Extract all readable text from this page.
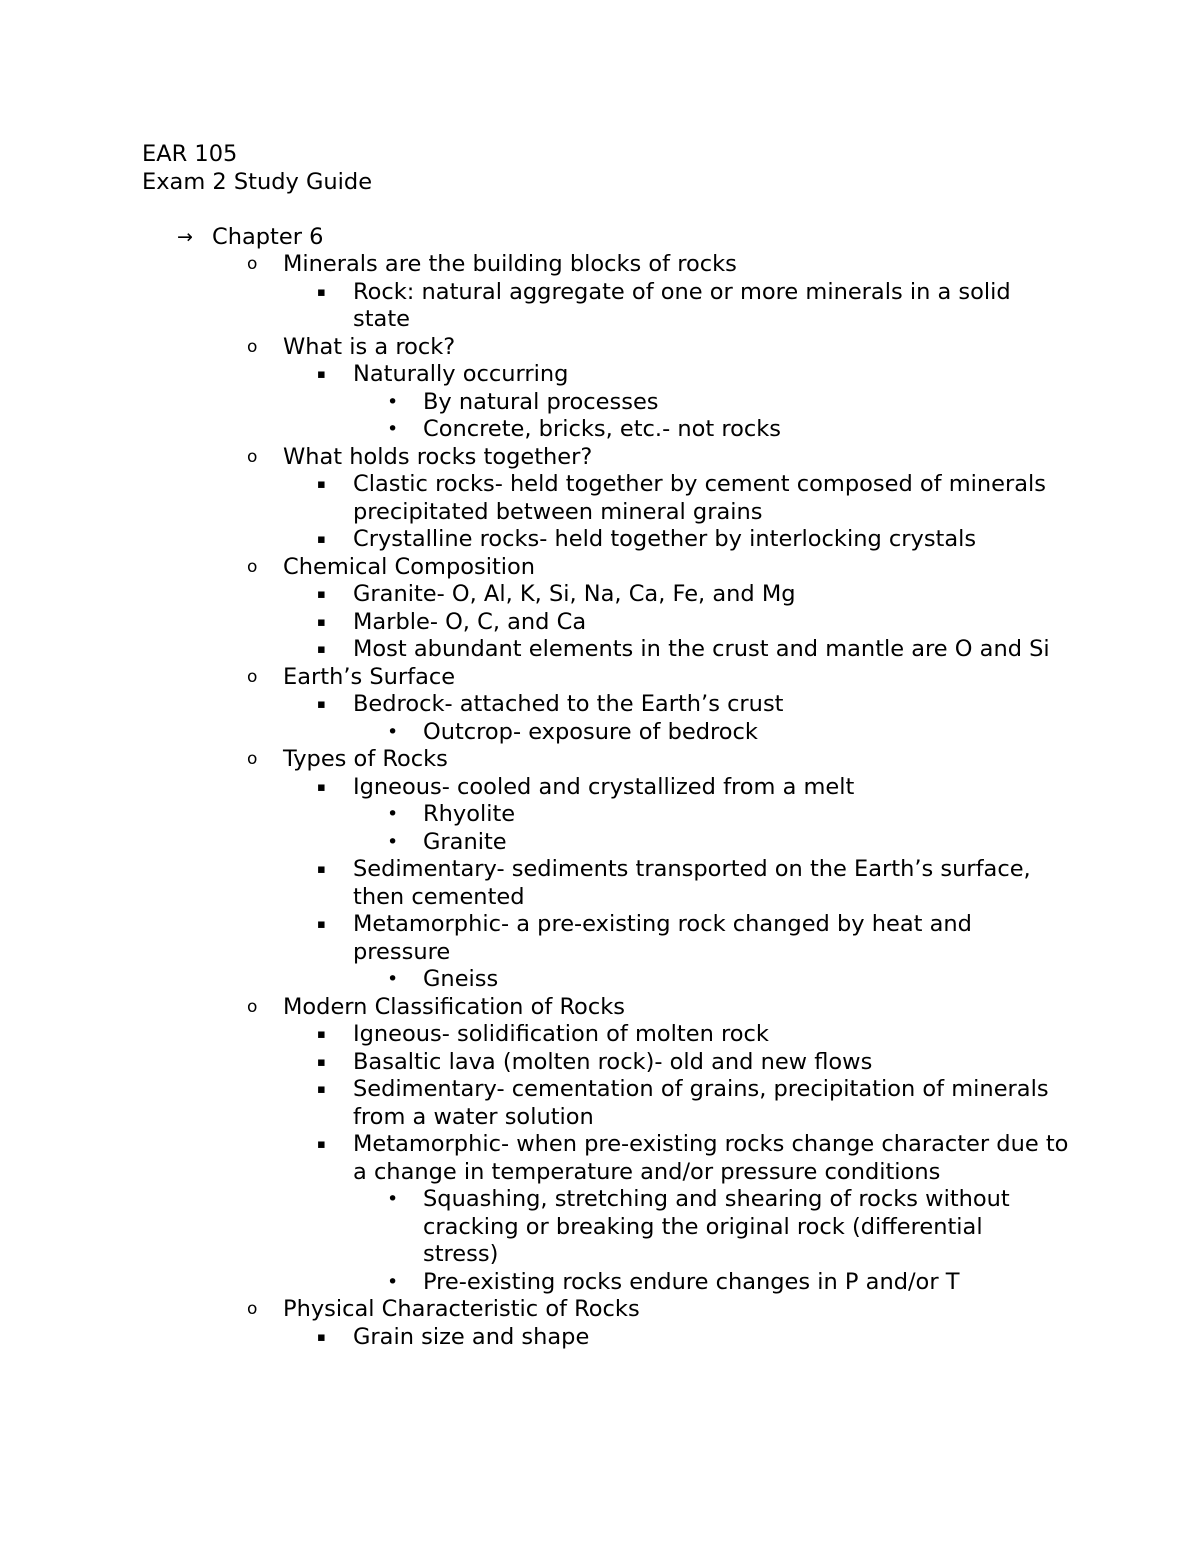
EAR 105
Exam 2 Study Guide
→ Chapter 6
o	Minerals are the building blocks of rocks
▪	Rock: natural aggregate of one or more minerals in a solid state
o	What is a rock?
▪	Naturally occurring
•	By natural processes
•	Concrete, bricks, etc.- not rocks
o	What holds rocks together?
▪	Clastic rocks- held together by cement composed of minerals precipitated between mineral grains
▪	Crystalline rocks- held together by interlocking crystals
o	Chemical Composition
▪	Granite- O, Al, K, Si, Na, Ca, Fe, and Mg
▪	Marble- O, C, and Ca
▪	Most abundant elements in the crust and mantle are O and Si
o	Earth’s Surface
▪	Bedrock- attached to the Earth’s crust
•	Outcrop- exposure of bedrock
o	Types of Rocks
▪	Igneous- cooled and crystallized from a melt
•	Rhyolite
•	Granite
▪	Sedimentary- sediments transported on the Earth’s surface, then cemented
▪	Metamorphic- a pre-existing rock changed by heat and pressure
•	Gneiss
o	Modern Classification of Rocks
▪	Igneous- solidification of molten rock
▪	Basaltic lava (molten rock)- old and new flows
▪	Sedimentary- cementation of grains, precipitation of minerals from a water solution
▪	Metamorphic- when pre-existing rocks change character due to a change in temperature and/or pressure conditions
•	Squashing, stretching and shearing of rocks without cracking or breaking the original rock (differential stress)
•	Pre-existing rocks endure changes in P and/or T
o	Physical Characteristic of Rocks
▪	Grain size and shape
